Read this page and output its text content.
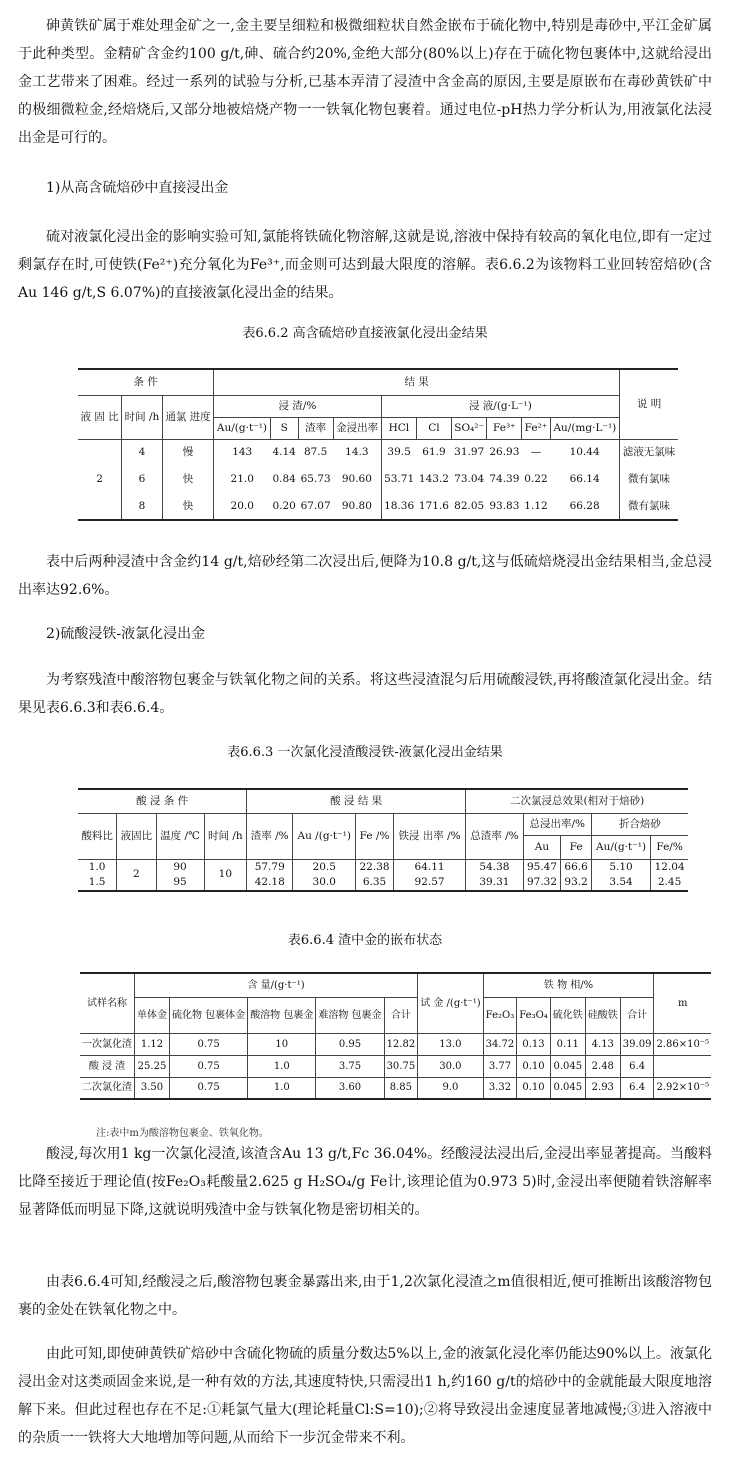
砷黄铁矿属于难处理金矿之一,金主要呈细粒和极微细粒状自然金嵌布于硫化物中,特别是毒砂中,平江金矿属于此种类型。金精矿含金约100 g/t,砷、硫合约20%,金绝大部分(80%以上)存在于硫化物包裹体中,这就给浸出金工艺带来了困难。经过一系列的试验与分析,已基本弄清了浸渣中含金高的原因,主要是原嵌布在毒砂黄铁矿中的极细微粒金,经焙烧后,又部分地被焙烧产物一一铁氧化物包裹着。通过电位-pH热力学分析认为,用液氯化法浸出金是可行的。

1)从高含硫焙砂中直接浸出金

硫对液氯化浸出金的影响实验可知,氯能将铁硫化物溶解,这就是说,溶液中保持有较高的氧化电位,即有一定过剩氯存在时,可使铁(Fe²⁺)充分氧化为Fe³⁺,而金则可达到最大限度的溶解。表6.6.2为该物料工业回转窑焙砂(含Au 146 g/t,S 6.07%)的直接液氯化浸出金的结果。

表6.6.2 高含硫焙砂直接液氯化浸出金结果
条 件			结 果										说 明
液 固 比	时间 /h	通氯 进度	浸 渣/%				浸 液/(g·L⁻¹)						
			Au/(g·t⁻¹)	S	渣率	金浸出率	HCl	Cl	SO₄²⁻	Fe³⁺	Fe²⁺	Au/(mg·L⁻¹)	
2	4	慢	143	4.14	87.5	14.3	39.5	61.9	31.97	26.93	—	10.44	滤液无氯味
	6	快	21.0	0.84	65.73	90.60	53.71	143.2	73.04	74.39	0.22	66.14	微有氯味
	8	快	20.0	0.20	67.07	90.80	18.36	171.6	82.05	93.83	1.12	66.28	微有氯味

表中后两种浸渣中含金约14 g/t,焙砂经第二次浸出后,便降为10.8 g/t,这与低硫焙烧浸出金结果相当,金总浸出率达92.6%。

2)硫酸浸铁-液氯化浸出金

为考察残渣中酸溶物包裹金与铁氧化物之间的关系。将这些浸渣混匀后用硫酸浸铁,再将酸渣氯化浸出金。结果见表6.6.3和表6.6.4。

表6.6.3 一次氯化浸渣酸浸铁-液氯化浸出金结果
酸 浸 条 件				酸 浸 结 果				二次氯浸总效果(相对于焙砂)				
酸料比	液固比	温度 /℃	时间 /h	渣率 /%	Au /(g·t⁻¹)	Fe /%	铁浸 出率 /%	总渣率 /%	总浸出率/%		折合焙砂	
									Au	Fe	Au/(g·t⁻¹)	Fe/%
1.0	2	90	10	57.79	20.5	22.38	64.11	54.38	95.47	66.6	5.10	12.04
1.5		95		42.18	30.0	6.35	92.57	39.31	97.32	93.2	3.54	2.45
表6.6.4 渣中金的嵌布状态
试样名称	含 量/(g·t⁻¹)					试 金 /(g·t⁻¹)	铁 物 相/%					m
	单体金	硫化物 包裹体金	酸溶物 包裹金	难溶物 包裹金	合计		Fe₂O₃	Fe₃O₄	硫化铁	硅酸铁	合计	
一次氯化渣	1.12	0.75	10	0.95	12.82	13.0	34.72	0.13	0.11	4.13	39.09	2.86×10⁻⁵
酸 浸 渣	25.25	0.75	1.0	3.75	30.75	30.0	3.77	0.10	0.045	2.48	6.4	
二次氯化渣	3.50	0.75	1.0	3.60	8.85	9.0	3.32	0.10	0.045	2.93	6.4	2.92×10⁻⁵
注:表中m为酸溶物包裹金、铁氧化物。

酸浸,每次用1 kg一次氯化浸渣,该渣含Au 13 g/t,Fc 36.04%。经酸浸法浸出后,金浸出率显著提高。当酸料比降至接近于理论值(按Fe₂O₃耗酸量2.625 g H₂SO₄/g Fe计,该理论值为0.973 5)时,金浸出率便随着铁溶解率显著降低而明显下降,这就说明残渣中金与铁氧化物是密切相关的。

由表6.6.4可知,经酸浸之后,酸溶物包裹金暴露出来,由于1,2次氯化浸渣之m值很相近,便可推断出该酸溶物包裹的金处在铁氧化物之中。

由此可知,即使砷黄铁矿焙砂中含硫化物硫的质量分数达5%以上,金的液氯化浸化率仍能达90%以上。液氯化浸出金对这类顽固金来说,是一种有效的方法,其速度特快,只需浸出1 h,约160 g/t的焙砂中的金就能最大限度地溶解下来。但此过程也存在不足:①耗氯气量大(理论耗量Cl:S=10);②将导致浸出金速度显著地减慢;③进入溶液中的杂质一一铁将大大地增加等问题,从而给下一步沉金带来不利。
